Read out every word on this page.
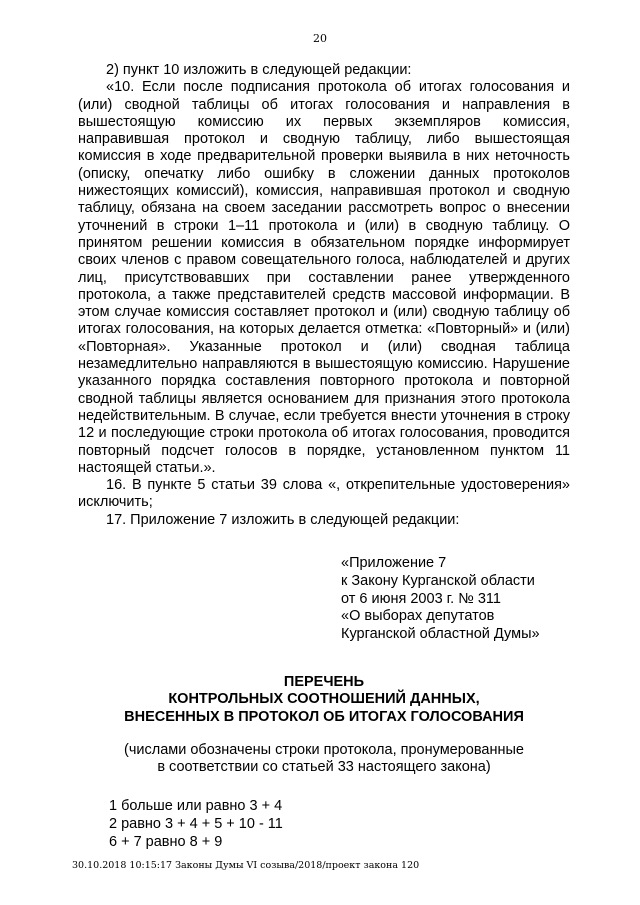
20

2) пункт 10 изложить в следующей редакции:

«10. Если после подписания протокола об итогах голосования и (или) сводной таблицы об итогах голосования и направления в вышестоящую комиссию их первых экземпляров комиссия, направившая протокол и сводную таблицу, либо вышестоящая комиссия в ходе предварительной проверки выявила в них неточность (описку, опечатку либо ошибку в сложении данных протоколов нижестоящих комиссий), комиссия, направившая протокол и сводную таблицу, обязана на своем заседании рассмотреть вопрос о внесении уточнений в строки 1–11 протокола и (или) в сводную таблицу. О принятом решении комиссия в обязательном порядке информирует своих членов с правом совещательного голоса, наблюдателей и других лиц, присутствовавших при составлении ранее утвержденного протокола, а также представителей средств массовой информации. В этом случае комиссия составляет протокол и (или) сводную таблицу об итогах голосования, на которых делается отметка: «Повторный» и (или) «Повторная». Указанные протокол и (или) сводная таблица незамедлительно направляются в вышестоящую комиссию. Нарушение указанного порядка составления повторного протокола и повторной сводной таблицы является основанием для признания этого протокола недействительным. В случае, если требуется внести уточнения в строку 12 и последующие строки протокола об итогах голосования, проводится повторный подсчет голосов в порядке, установленном пунктом 11 настоящей статьи.».

16. В пункте 5 статьи 39 слова «, открепительные удостоверения» исключить;

17. Приложение 7 изложить в следующей редакции:

«Приложение 7
к Закону Курганской области
от 6 июня 2003 г. № 311
«О выборах депутатов
Курганской областной Думы»
ПЕРЕЧЕНЬ
КОНТРОЛЬНЫХ СООТНОШЕНИЙ ДАННЫХ,
ВНЕСЕННЫХ В ПРОТОКОЛ ОБ ИТОГАХ ГОЛОСОВАНИЯ
(числами обозначены строки протокола, пронумерованные
в соответствии со статьей 33 настоящего закона)
1 больше или равно 3 + 4
2 равно 3 + 4 + 5 + 10 - 11
6 + 7 равно 8 + 9
30.10.2018 10:15:17 Законы Думы VI созыва/2018/проект закона 120
